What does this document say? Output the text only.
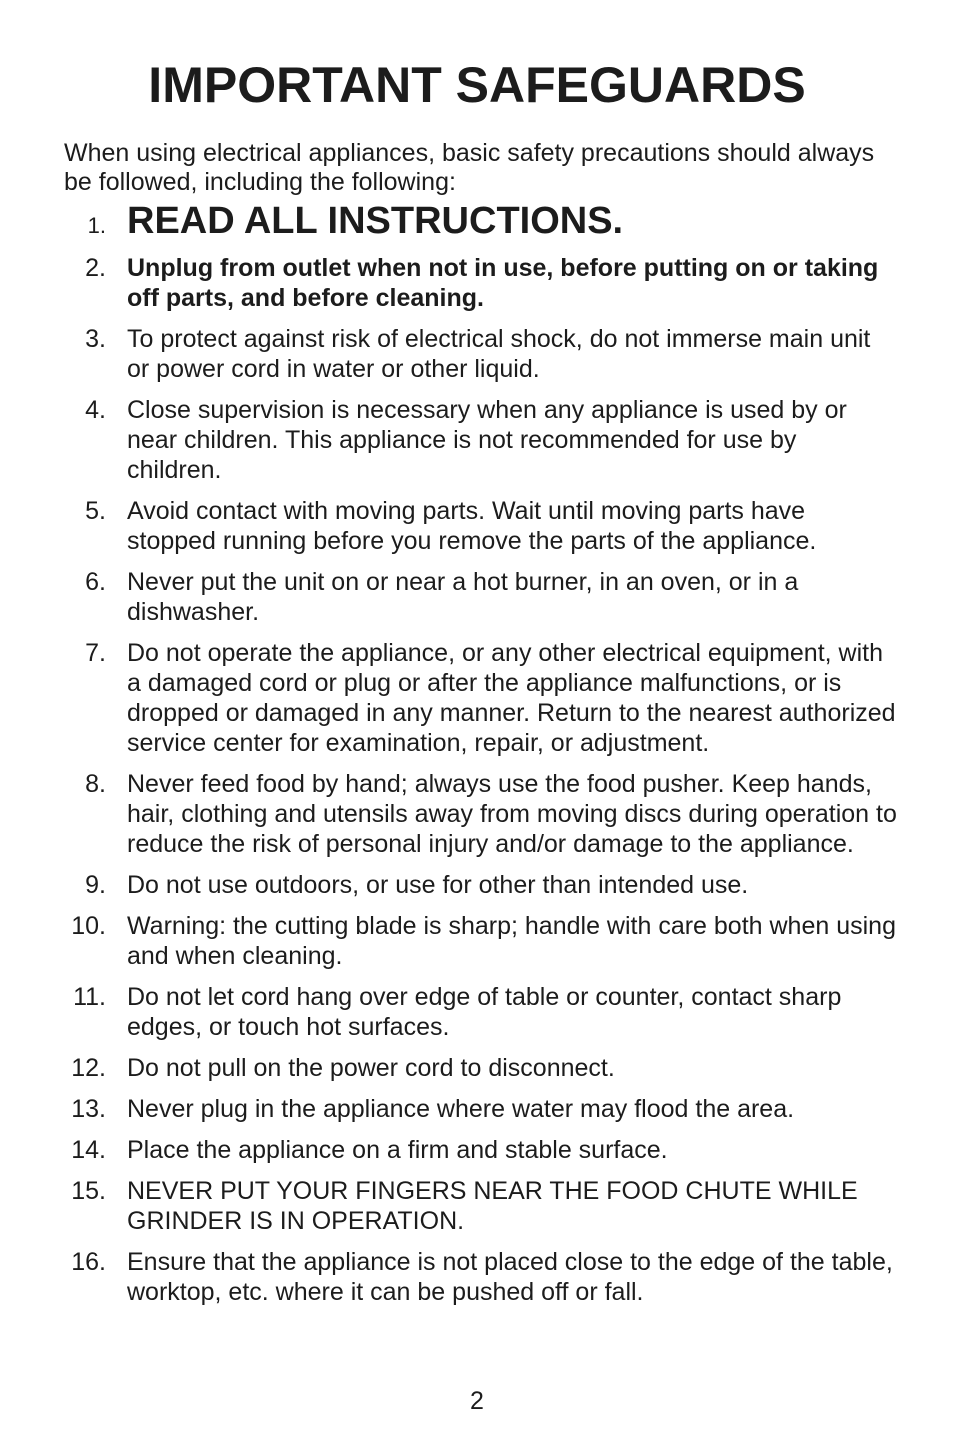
IMPORTANT SAFEGUARDS

When using electrical appliances, basic safety precautions should always be followed, including the following:

1. READ ALL INSTRUCTIONS.
2. Unplug from outlet when not in use, before putting on or taking off parts, and before cleaning.
3. To protect against risk of electrical shock, do not immerse main unit or power cord in water or other liquid.
4. Close supervision is necessary when any appliance is used by or near children. This appliance is not recommended for use by children.
5. Avoid contact with moving parts. Wait until moving parts have stopped running before you remove the parts of the appliance.
6. Never put the unit on or near a hot burner, in an oven, or in a dishwasher.
7. Do not operate the appliance, or any other electrical equipment, with a damaged cord or plug or after the appliance malfunctions, or is dropped or damaged in any manner. Return to the nearest authorized service center for examination, repair, or adjustment.
8. Never feed food by hand; always use the food pusher. Keep hands, hair, clothing and utensils away from moving discs during operation to reduce the risk of personal injury and/or damage to the appliance.
9. Do not use outdoors, or use for other than intended use.
10. Warning: the cutting blade is sharp; handle with care both when using and when cleaning.
11. Do not let cord hang over edge of table or counter, contact sharp edges, or touch hot surfaces.
12. Do not pull on the power cord to disconnect.
13. Never plug in the appliance where water may flood the area.
14. Place the appliance on a firm and stable surface.
15. NEVER PUT YOUR FINGERS NEAR THE FOOD CHUTE WHILE GRINDER IS IN OPERATION.
16. Ensure that the appliance is not placed close to the edge of the table, worktop, etc. where it can be pushed off or fall.
2
